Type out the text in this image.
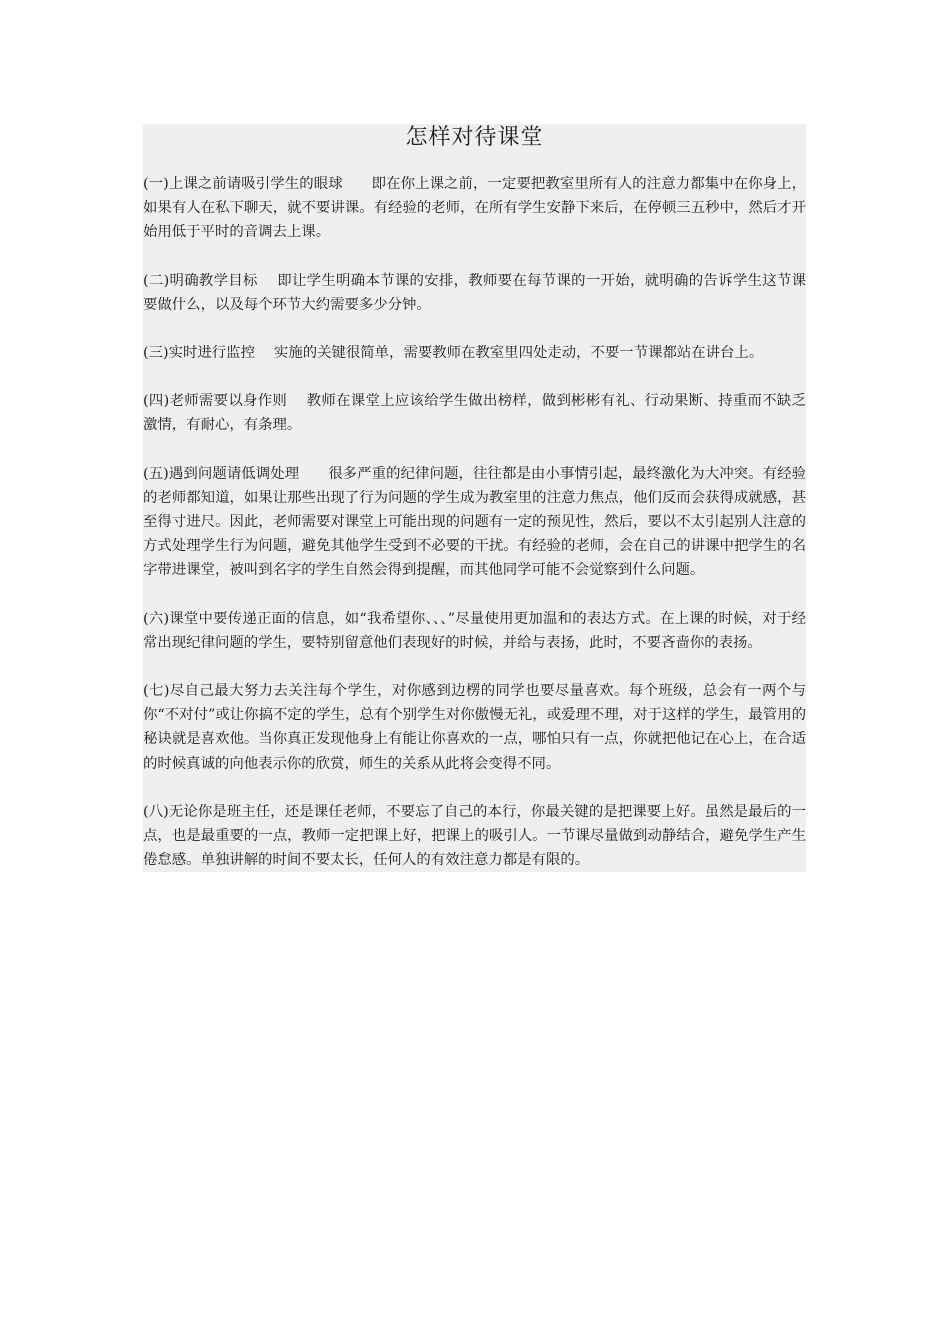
怎样对待课堂

(一)上课之前请吸引学生的眼球　　即在你上课之前，一定要把教室里所有人的注意力都集中在你身上，如果有人在私下聊天，就不要讲课。有经验的老师，在所有学生安静下来后，在停顿三五秒中，然后才开始用低于平时的音调去上课。

(二)明确教学目标　 即让学生明确本节课的安排，教师要在每节课的一开始，就明确的告诉学生这节课要做什么，以及每个环节大约需要多少分钟。

(三)实时进行监控　 实施的关键很简单，需要教师在教室里四处走动，不要一节课都站在讲台上。

(四)老师需要以身作则　 教师在课堂上应该给学生做出榜样，做到彬彬有礼、行动果断、持重而不缺乏激情，有耐心，有条理。

(五)遇到问题请低调处理　　很多严重的纪律问题，往往都是由小事情引起，最终激化为大冲突。有经验的老师都知道，如果让那些出现了行为问题的学生成为教室里的注意力焦点，他们反而会获得成就感，甚至得寸进尺。因此，老师需要对课堂上可能出现的问题有一定的预见性，然后，要以不太引起别人注意的方式处理学生行为问题，避免其他学生受到不必要的干扰。有经验的老师，会在自己的讲课中把学生的名字带进课堂，被叫到名字的学生自然会得到提醒，而其他同学可能不会觉察到什么问题。

(六)课堂中要传递正面的信息，如“我希望你、、、”尽量使用更加温和的表达方式。在上课的时候，对于经常出现纪律问题的学生，要特别留意他们表现好的时候，并给与表扬，此时，不要吝啬你的表扬。

(七)尽自己最大努力去关注每个学生，对你感到边楞的同学也要尽量喜欢。每个班级，总会有一两个与你“不对付”或让你搞不定的学生，总有个别学生对你傲慢无礼，或爱理不理，对于这样的学生，最管用的秘诀就是喜欢他。当你真正发现他身上有能让你喜欢的一点，哪怕只有一点，你就把他记在心上，在合适的时候真诚的向他表示你的欣赏，师生的关系从此将会变得不同。

(八)无论你是班主任，还是课任老师，不要忘了自己的本行，你最关键的是把课要上好。虽然是最后的一点，也是最重要的一点，教师一定把课上好，把课上的吸引人。一节课尽量做到动静结合，避免学生产生倦怠感。单独讲解的时间不要太长，任何人的有效注意力都是有限的。
